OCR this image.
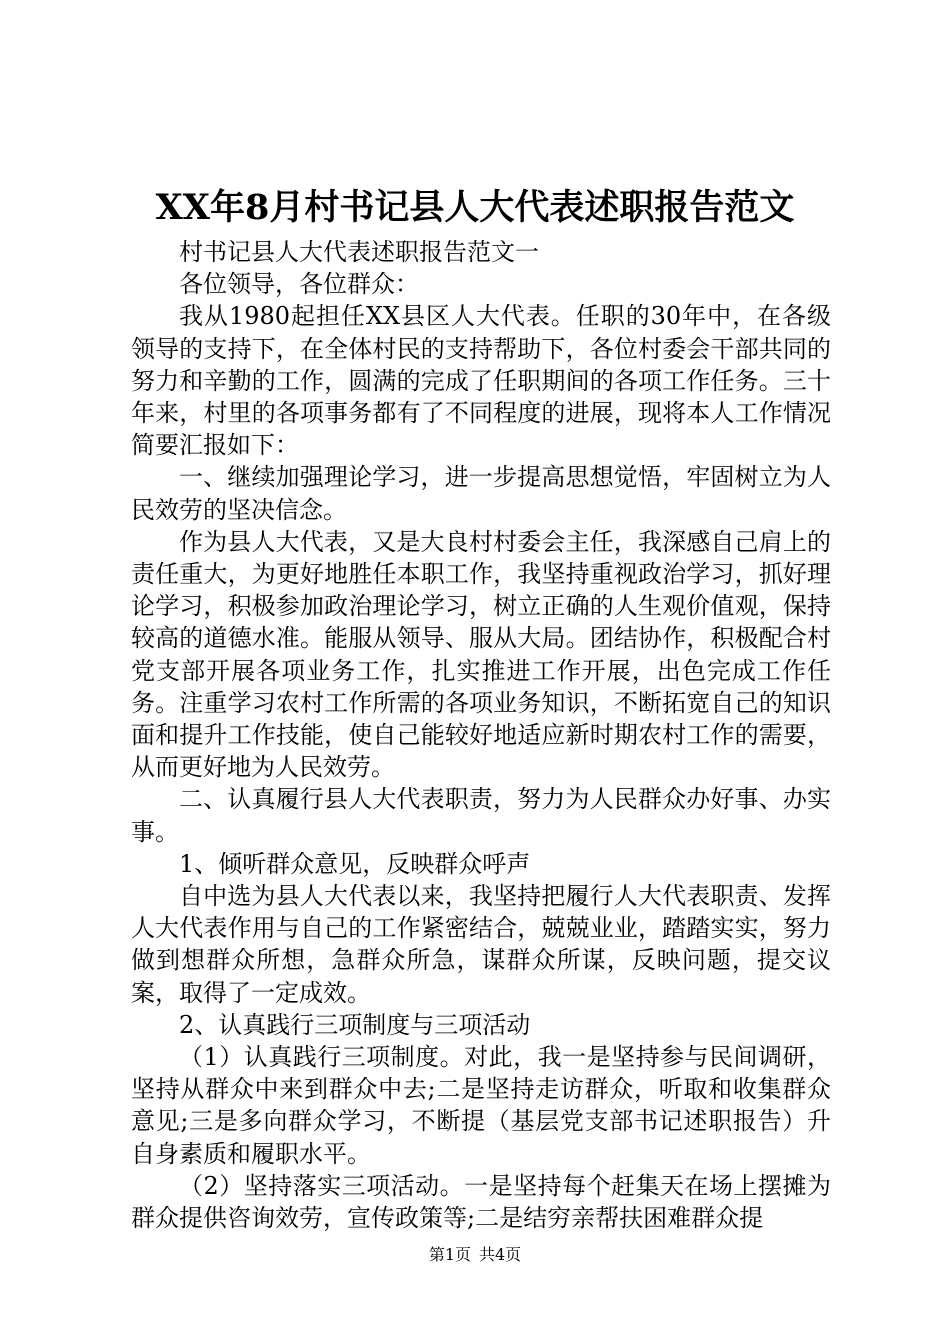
XX年8月村书记县人大代表述职报告范文

村书记县人大代表述职报告范文一

各位领导，各位群众：

我从1980起担任XX县区人大代表。任职的30年中，在各级领导的支持下，在全体村民的支持帮助下，各位村委会干部共同的努力和辛勤的工作，圆满的完成了任职期间的各项工作任务。三十年来，村里的各项事务都有了不同程度的进展，现将本人工作情况简要汇报如下：

一、继续加强理论学习，进一步提高思想觉悟，牢固树立为人民效劳的坚决信念。

作为县人大代表，又是大良村村委会主任，我深感自己肩上的责任重大，为更好地胜任本职工作，我坚持重视政治学习，抓好理论学习，积极参加政治理论学习，树立正确的人生观价值观，保持较高的道德水准。能服从领导、服从大局。团结协作，积极配合村党支部开展各项业务工作，扎实推进工作开展，出色完成工作任务。注重学习农村工作所需的各项业务知识，不断拓宽自己的知识面和提升工作技能，使自己能较好地适应新时期农村工作的需要，从而更好地为人民效劳。

二、认真履行县人大代表职责，努力为人民群众办好事、办实事。

1、倾听群众意见，反映群众呼声

自中选为县人大代表以来，我坚持把履行人大代表职责、发挥人大代表作用与自己的工作紧密结合，兢兢业业，踏踏实实，努力做到想群众所想，急群众所急，谋群众所谋，反映问题，提交议案，取得了一定成效。

2、认真践行三项制度与三项活动

（1）认真践行三项制度。对此，我一是坚持参与民间调研，坚持从群众中来到群众中去;二是坚持走访群众，听取和收集群众意见;三是多向群众学习，不断提（基层党支部书记述职报告）升自身素质和履职水平。

（2）坚持落实三项活动。一是坚持每个赶集天在场上摆摊为群众提供咨询效劳，宣传政策等;二是结穷亲帮扶困难群众提

第1页 共4页
